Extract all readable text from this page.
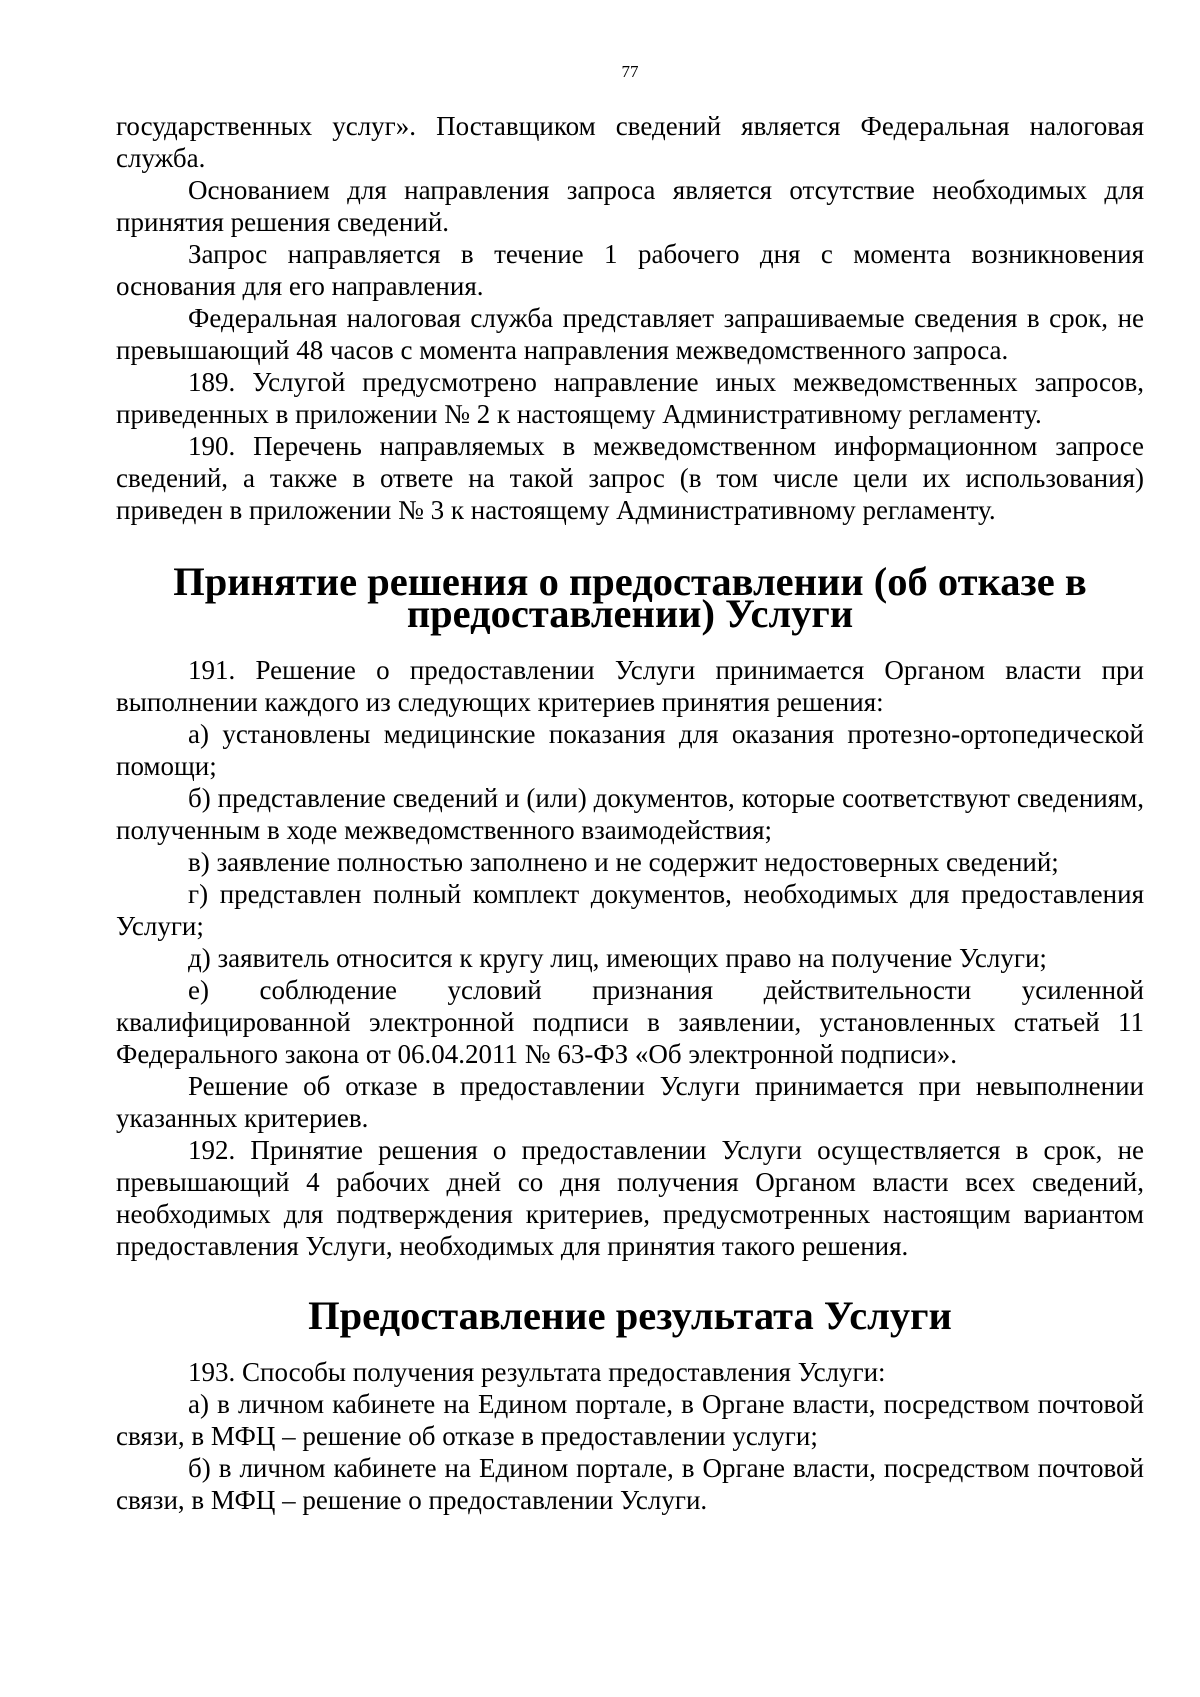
77

государственных услуг». Поставщиком сведений является Федеральная налоговая служба.

Основанием для направления запроса является отсутствие необходимых для принятия решения сведений.

Запрос направляется в течение 1 рабочего дня с момента возникновения основания для его направления.

Федеральная налоговая служба представляет запрашиваемые сведения в срок, не превышающий 48 часов с момента направления межведомственного запроса.

189. Услугой предусмотрено направление иных межведомственных запросов, приведенных в приложении № 2 к настоящему Административному регламенту.

190. Перечень направляемых в межведомственном информационном запросе сведений, а также в ответе на такой запрос (в том числе цели их использования) приведен в приложении № 3 к настоящему Административному регламенту.

Принятие решения о предоставлении (об отказе в предоставлении) Услуги

191. Решение о предоставлении Услуги принимается Органом власти при выполнении каждого из следующих критериев принятия решения:

а) установлены медицинские показания для оказания протезно-ортопедической помощи;

б) представление сведений и (или) документов, которые соответствуют сведениям, полученным в ходе межведомственного взаимодействия;

в) заявление полностью заполнено и не содержит недостоверных сведений;

г) представлен полный комплект документов, необходимых для предоставления Услуги;

д) заявитель относится к кругу лиц, имеющих право на получение Услуги;

е) соблюдение условий признания действительности усиленной квалифицированной электронной подписи в заявлении, установленных статьей 11 Федерального закона от 06.04.2011 № 63-ФЗ «Об электронной подписи».

Решение об отказе в предоставлении Услуги принимается при невыполнении указанных критериев.

192. Принятие решения о предоставлении Услуги осуществляется в срок, не превышающий 4 рабочих дней со дня получения Органом власти всех сведений, необходимых для подтверждения критериев, предусмотренных настоящим вариантом предоставления Услуги, необходимых для принятия такого решения.

Предоставление результата Услуги

193. Способы получения результата предоставления Услуги:

а) в личном кабинете на Едином портале, в Органе власти, посредством почтовой связи, в МФЦ – решение об отказе в предоставлении услуги;

б) в личном кабинете на Едином портале, в Органе власти, посредством почтовой связи, в МФЦ – решение о предоставлении Услуги.
